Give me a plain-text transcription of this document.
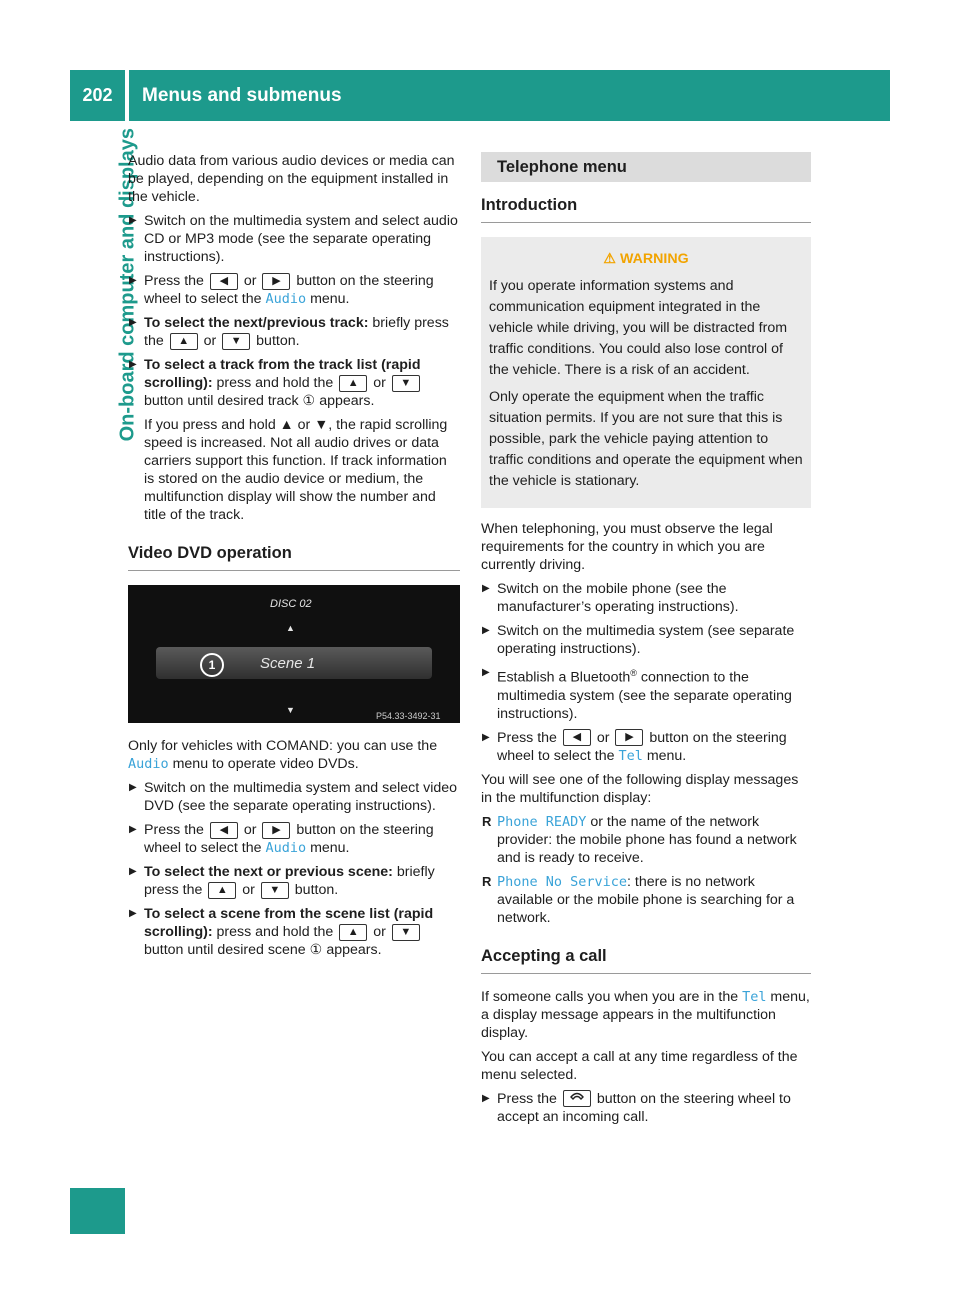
202	Menus and submenus
On-board computer and displays

Audio data from various audio devices or media can be played, depending on the equipment installed in the vehicle.

▶ Switch on the multimedia system and select audio CD or MP3 mode (see the separate operating instructions).
▶ Press the ◀ or ▶ button on the steering wheel to select the Audio menu.
▶ To select the next/previous track: briefly press the ▲ or ▼ button.
▶ To select a track from the track list (rapid scrolling): press and hold the ▲ or ▼ button until desired track ① appears.
If you press and hold ▲ or ▼, the rapid scrolling speed is increased. Not all audio drives or data carriers support this function. If track information is stored on the audio device or medium, the multifunction display will show the number and title of the track.
Video DVD operation
DISC 02
▲
1	Scene 1
▼
P54.33-3492-31

Only for vehicles with COMAND: you can use the Audio menu to operate video DVDs.

▶ Switch on the multimedia system and select video DVD (see the separate operating instructions).
▶ Press the ◀ or ▶ button on the steering wheel to select the Audio menu.
▶ To select the next or previous scene: briefly press the ▲ or ▼ button.
▶ To select a scene from the scene list (rapid scrolling): press and hold the ▲ or ▼ button until desired scene ① appears.
Telephone menu
Introduction
⚠ WARNING

If you operate information systems and communication equipment integrated in the vehicle while driving, you will be distracted from traffic conditions. You could also lose control of the vehicle. There is a risk of an accident.

Only operate the equipment when the traffic situation permits. If you are not sure that this is possible, park the vehicle paying attention to traffic conditions and operate the equipment when the vehicle is stationary.

When telephoning, you must observe the legal requirements for the country in which you are currently driving.

▶ Switch on the mobile phone (see the manufacturer’s operating instructions).
▶ Switch on the multimedia system (see separate operating instructions).
▶ Establish a Bluetooth® connection to the multimedia system (see the separate operating instructions).
▶ Press the ◀ or ▶ button on the steering wheel to select the Tel menu.

You will see one of the following display messages in the multifunction display:

R Phone READY or the name of the network provider: the mobile phone has found a network and is ready to receive.
R Phone No Service: there is no network available or the mobile phone is searching for a network.
Accepting a call

If someone calls you when you are in the Tel menu, a display message appears in the multifunction display.

You can accept a call at any time regardless of the menu selected.

▶ Press the	button on the steering wheel to accept an incoming call.
